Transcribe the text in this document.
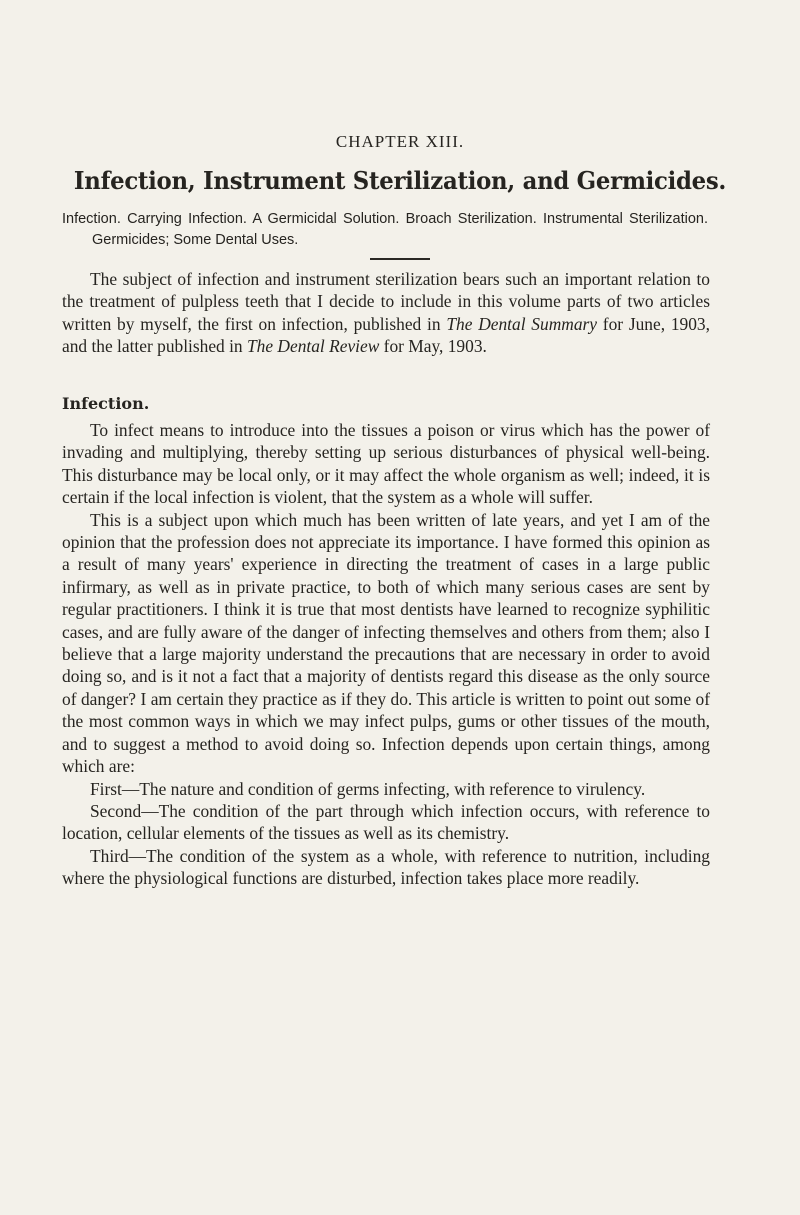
CHAPTER XIII.
Infection, Instrument Sterilization, and Germicides.
Infection. Carrying Infection. A Germicidal Solution. Broach Sterilization. Instrumental Sterilization. Germicides; Some Dental Uses.

The subject of infection and instrument sterilization bears such an important relation to the treatment of pulpless teeth that I decide to include in this volume parts of two articles written by myself, the first on infection, published in The Dental Summary for June, 1903, and the latter published in The Dental Review for May, 1903.

Infection.

To infect means to introduce into the tissues a poison or virus which has the power of invading and multiplying, thereby setting up serious disturbances of physical well-being. This disturbance may be local only, or it may affect the whole organism as well; indeed, it is certain if the local infection is violent, that the system as a whole will suffer.

This is a subject upon which much has been written of late years, and yet I am of the opinion that the profession does not appreciate its importance. I have formed this opinion as a result of many years' experience in directing the treatment of cases in a large public infirmary, as well as in private practice, to both of which many serious cases are sent by regular practitioners. I think it is true that most dentists have learned to recognize syphilitic cases, and are fully aware of the danger of infecting themselves and others from them; also I believe that a large majority understand the precautions that are necessary in order to avoid doing so, and is it not a fact that a majority of dentists regard this disease as the only source of danger? I am certain they practice as if they do. This article is written to point out some of the most common ways in which we may infect pulps, gums or other tissues of the mouth, and to suggest a method to avoid doing so. Infection depends upon certain things, among which are:

First—The nature and condition of germs infecting, with reference to virulency.

Second—The condition of the part through which infection occurs, with reference to location, cellular elements of the tissues as well as its chemistry.

Third—The condition of the system as a whole, with reference to nutrition, including where the physiological functions are disturbed, infection takes place more readily.
